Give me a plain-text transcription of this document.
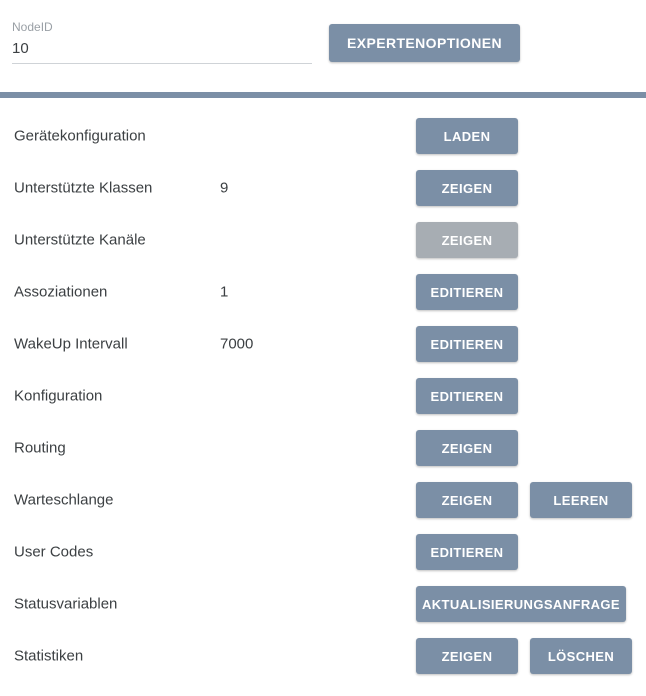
NodeID
10
EXPERTENOPTIONEN
Gerätekonfiguration	LADEN
Unterstützte Klassen	9	ZEIGEN
Unterstützte Kanäle	ZEIGEN
Assoziationen	1	EDITIEREN
WakeUp Intervall	7000	EDITIEREN
Konfiguration	EDITIEREN
Routing	ZEIGEN
Warteschlange	ZEIGEN	LEEREN
User Codes	EDITIEREN
Statusvariablen	AKTUALISIERUNGSANFRAGE
Statistiken	ZEIGEN	LÖSCHEN
